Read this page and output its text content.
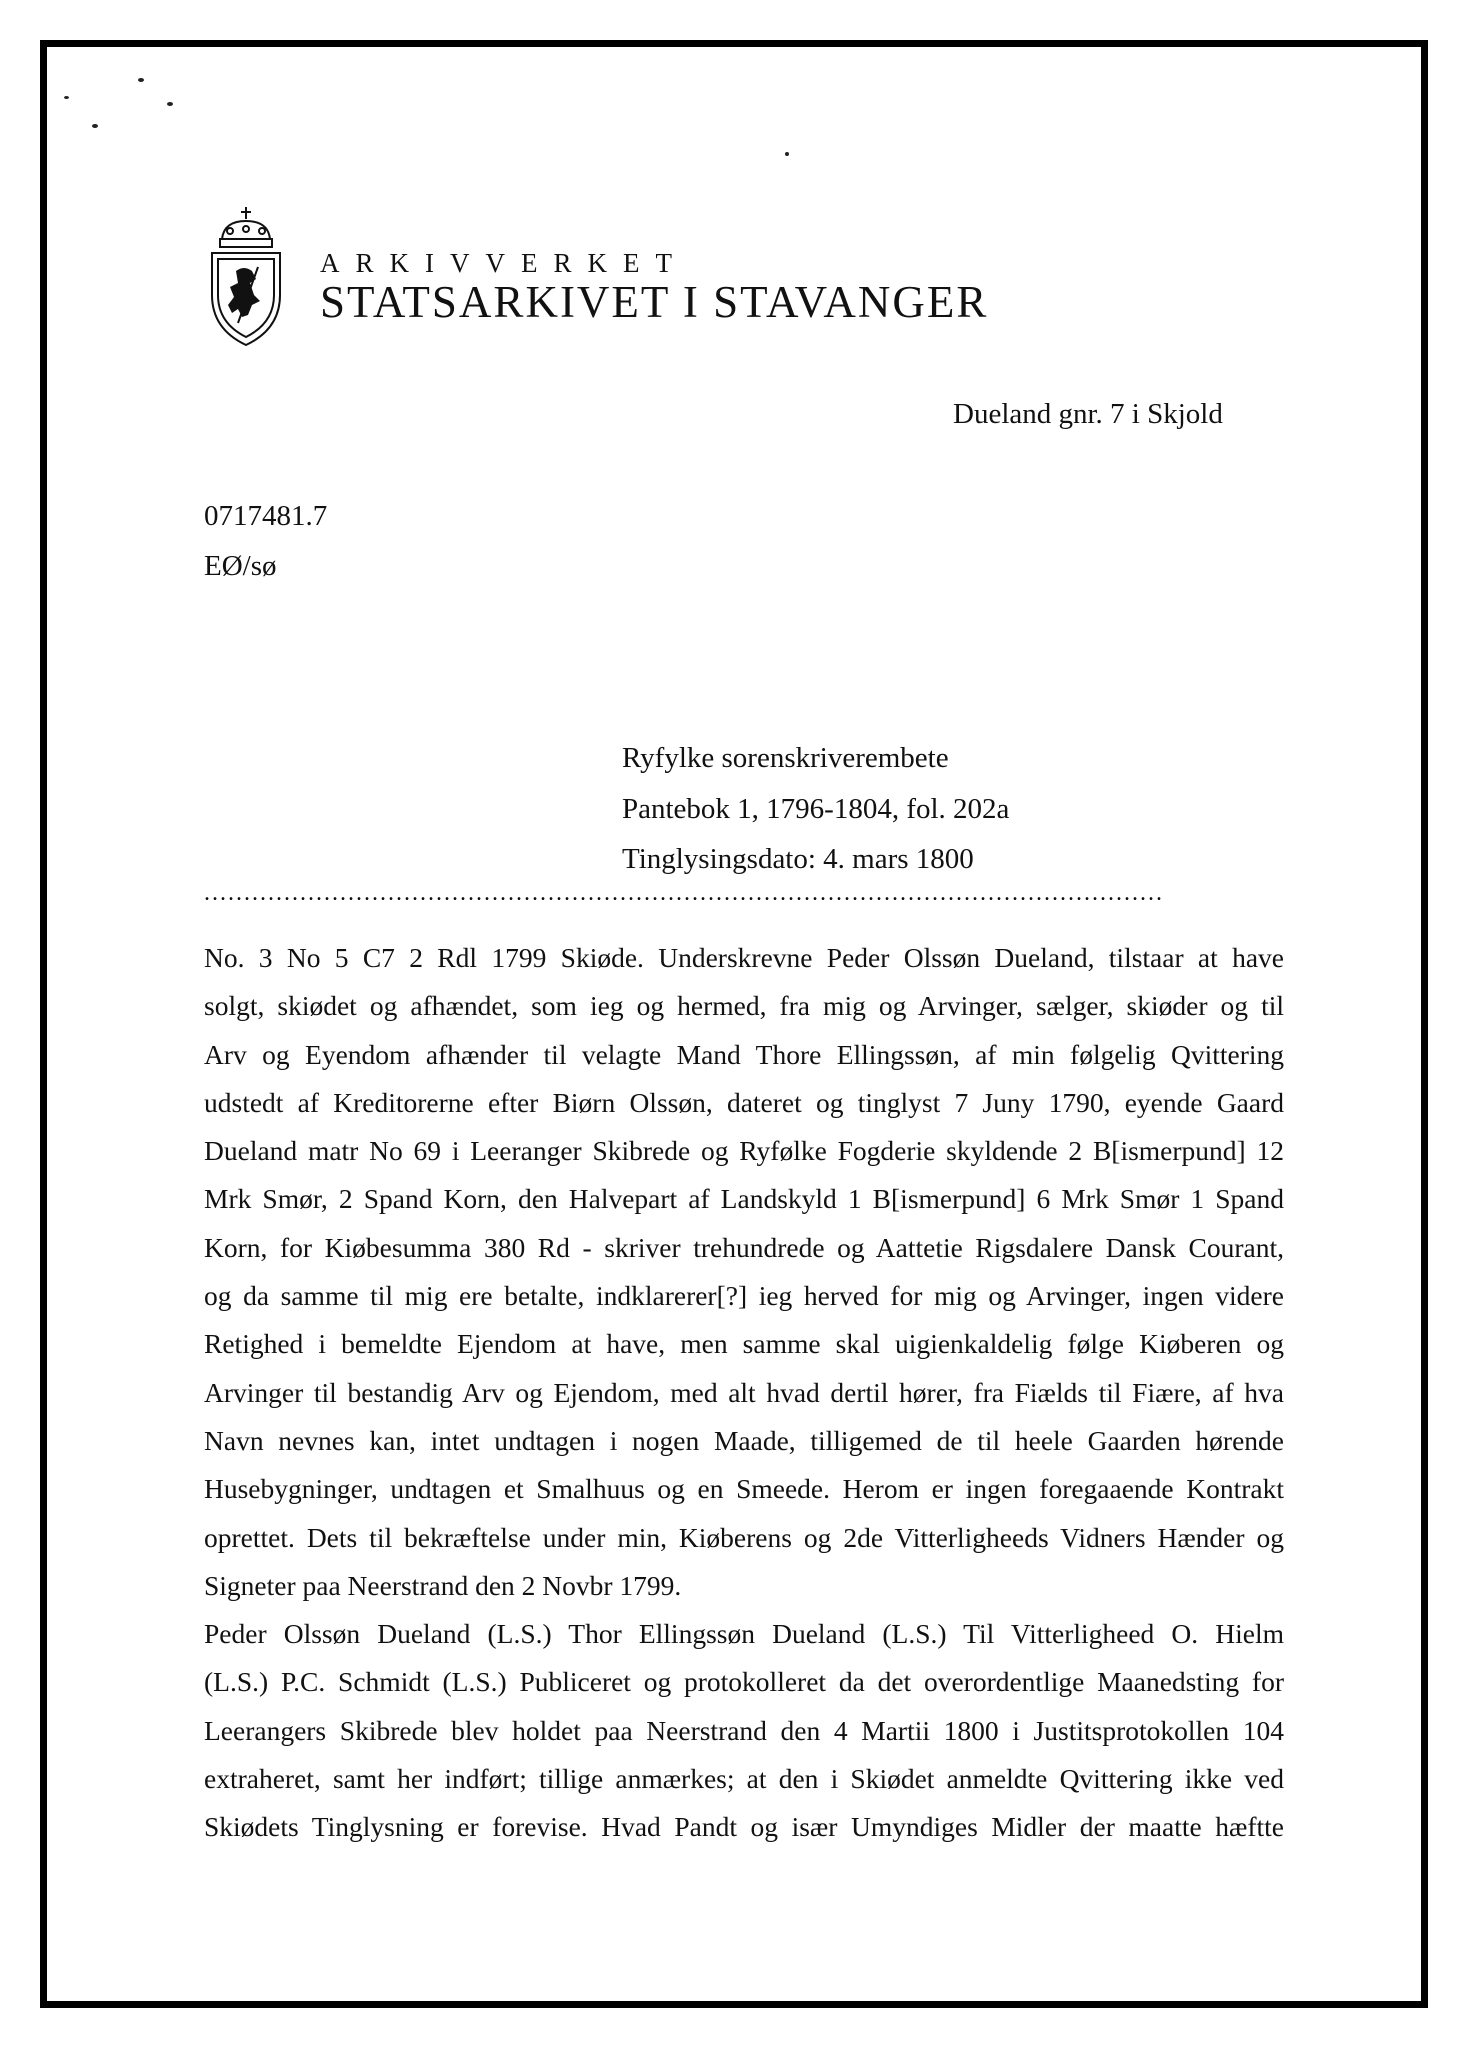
ARKIVVERKET
STATSARKIVET I STAVANGER
Dueland gnr. 7 i Skjold
0717481.7
EØ/sø
Ryfylke sorenskriverembete
Pantebok 1, 1796-1804, fol. 202a
Tinglysingsdato: 4. mars 1800
........................................................................................................................
No. 3 No 5 C7 2 Rdl 1799 Skiøde. Underskrevne Peder Olssøn Dueland, tilstaar at have
solgt, skiødet og afhændet, som ieg og hermed, fra mig og Arvinger, sælger, skiøder og til
Arv og Eyendom afhænder til velagte Mand Thore Ellingssøn, af min følgelig Qvittering
udstedt af Kreditorerne efter Biørn Olssøn, dateret og tinglyst 7 Juny 1790, eyende Gaard
Dueland matr No 69 i Leeranger Skibrede og Ryfølke Fogderie skyldende 2 B[ismerpund] 12
Mrk Smør, 2 Spand Korn, den Halvepart af Landskyld 1 B[ismerpund] 6 Mrk Smør 1 Spand
Korn, for Kiøbesumma 380 Rd - skriver trehundrede og Aattetie Rigsdalere Dansk Courant,
og da samme til mig ere betalte, indklarerer[?] ieg herved for mig og Arvinger, ingen videre
Retighed i bemeldte Ejendom at have, men samme skal uigienkaldelig følge Kiøberen og
Arvinger til bestandig Arv og Ejendom, med alt hvad dertil hører, fra Fiælds til Fiære, af hva
Navn nevnes kan, intet undtagen i nogen Maade, tilligemed de til heele Gaarden hørende
Husebygninger, undtagen et Smalhuus og en Smeede. Herom er ingen foregaaende Kontrakt
oprettet. Dets til bekræftelse under min, Kiøberens og 2de Vitterligheeds Vidners Hænder og
Signeter paa Neerstrand den 2 Novbr 1799.
Peder Olssøn Dueland (L.S.) Thor Ellingssøn Dueland (L.S.) Til Vitterligheed O. Hielm
(L.S.) P.C. Schmidt (L.S.) Publiceret og protokolleret da det overordentlige Maanedsting for
Leerangers Skibrede blev holdet paa Neerstrand den 4 Martii 1800 i Justitsprotokollen 104
extraheret, samt her indført; tillige anmærkes; at den i Skiødet anmeldte Qvittering ikke ved
Skiødets Tinglysning er forevise. Hvad Pandt og især Umyndiges Midler der maatte hæftte
